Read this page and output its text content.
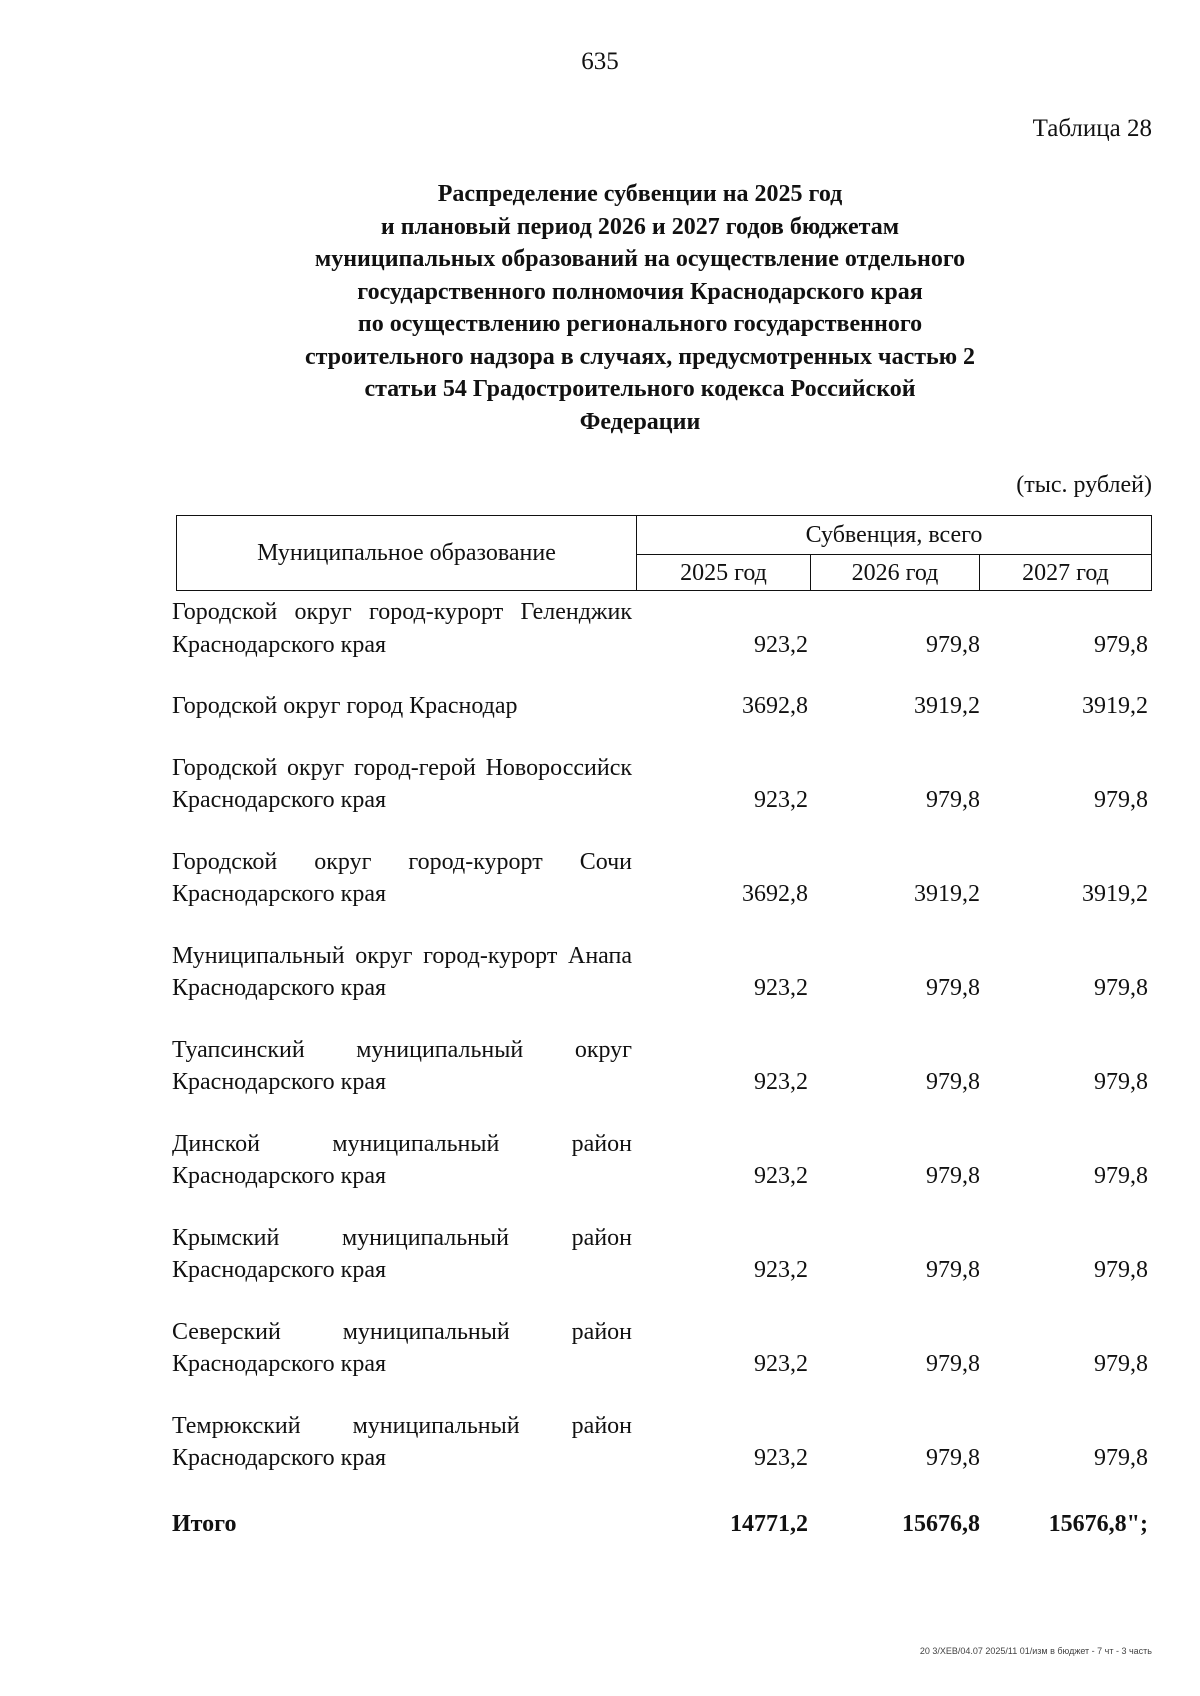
635
Таблица 28
Распределение субвенции на 2025 год
и плановый период 2026 и 2027 годов бюджетам
муниципальных образований на осуществление отдельного
государственного полномочия Краснодарского края
по осуществлению регионального государственного
строительного надзора в случаях, предусмотренных частью 2
статьи 54 Градостроительного кодекса Российской
Федерации
(тыс. рублей)
Муниципальное образование
Субвенция, всего
2025 год	2026 год	2027 год
Городской округ город-курорт Геленджик Краснодарского края	923,2	979,8	979,8
Городской округ город Краснодар	3692,8	3919,2	3919,2
Городской округ город-герой Новороссийск Краснодарского края	923,2	979,8	979,8
Городской округ город-курорт Сочи Краснодарского края	3692,8	3919,2	3919,2
Муниципальный округ город-курорт Анапа Краснодарского края	923,2	979,8	979,8
Туапсинский муниципальный округ Краснодарского края	923,2	979,8	979,8
Динской муниципальный район Краснодарского края	923,2	979,8	979,8
Крымский муниципальный район Краснодарского края	923,2	979,8	979,8
Северский муниципальный район Краснодарского края	923,2	979,8	979,8
Темрюкский муниципальный район Краснодарского края	923,2	979,8	979,8
Итого	14771,2	15676,8	15676,8";
20 3/XEB/04.07 2025/11 01/изм в бюджет - 7 чт - 3 часть
